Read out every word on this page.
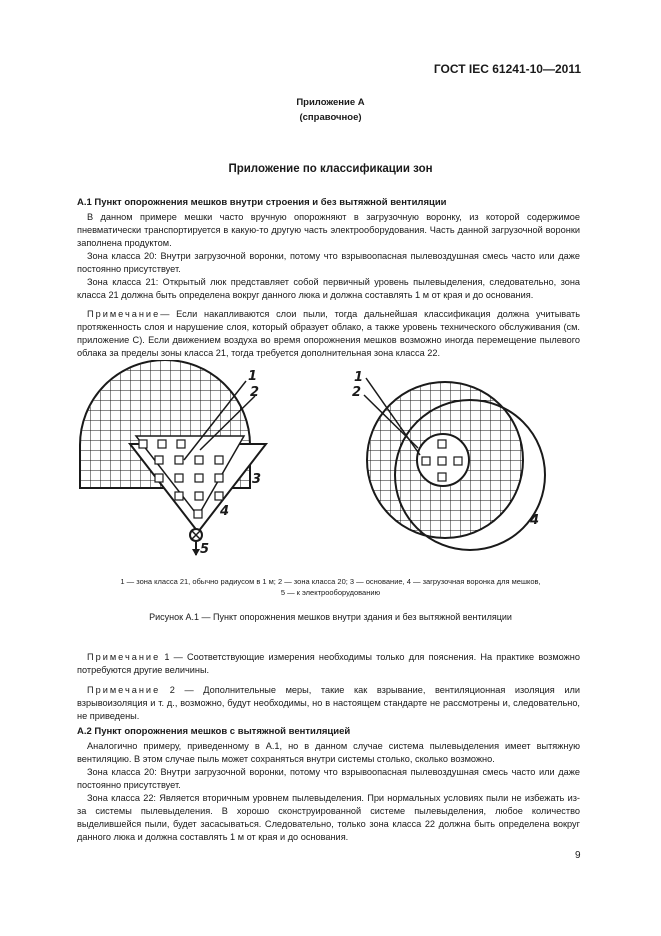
ГОСТ IEC 61241-10—2011
Приложение А
(справочное)
Приложение по классификации зон
А.1 Пункт опорожнения мешков внутри строения и без вытяжной вентиляции

В данном примере мешки часто вручную опорожняют в загрузочную воронку, из которой содержимое пневматически транспортируется в какую-то другую часть электрооборудования. Часть данной загрузочной воронки заполнена продуктом.

Зона класса 20: Внутри загрузочной воронки, потому что взрывоопасная пылевоздушная смесь часто или даже постоянно присутствует.

Зона класса 21: Открытый люк представляет собой первичный уровень пылевыделения, следовательно, зона класса 21 должна быть определена вокруг данного люка и должна составлять 1 м от края и до основания.

Примечание— Если накапливаются слои пыли, тогда дальнейшая классификация должна учитывать протяженность слоя и нарушение слоя, который образует облако, а также уровень технического обслуживания (см. приложение С). Если движением воздуха во время опорожнения мешков возможно иногда перемещение пылевого облака за пределы зоны класса 21, тогда требуется дополнительная зона класса 22.

1
2
3
4
5
1
2
4
1 — зона класса 21, обычно радиусом в 1 м; 2 — зона класса 20; 3 — основание, 4 — загрузочная воронка для мешков,
5 — к электрооборудованию
Рисунок А.1 — Пункт опорожнения мешков внутри здания и без вытяжной вентиляции

Примечание 1 — Соответствующие измерения необходимы только для пояснения. На практике возможно потребуются другие величины.

Примечание 2 — Дополнительные меры, такие как взрывание, вентиляционная изоляция или взрывоизоляция и т. д., возможно, будут необходимы, но в настоящем стандарте не рассмотрены и, следовательно, не приведены.

А.2 Пункт опорожнения мешков с вытяжной вентиляцией

Аналогично примеру, приведенному в А.1, но в данном случае система пылевыделения имеет вытяжную вентиляцию. В этом случае пыль может сохраняться внутри системы столько, сколько возможно.

Зона класса 20: Внутри загрузочной воронки, потому что взрывоопасная пылевоздушная смесь часто или даже постоянно присутствует.

Зона класса 22: Является вторичным уровнем пылевыделения. При нормальных условиях пыли не избежать из-за системы пылевыделения. В хорошо сконструированной системе пылевыделения, любое количество выделившейся пыли, будет засасываться. Следовательно, только зона класса 22 должна быть определена вокруг данного люка и должна составлять 1 м от края и до основания.

9
